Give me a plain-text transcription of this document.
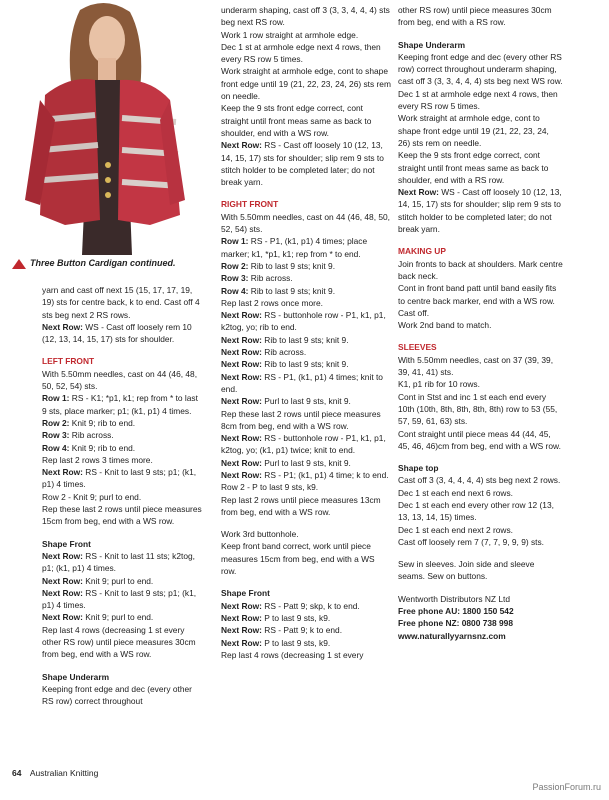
Three Button Cardigan continued.

yarn and cast off next 15 (15, 17, 17, 19, 19) sts for centre back, k to end. Cast off 4 sts beg next 2 RS rows.

Next Row: WS - Cast off loosely rem 10 (12, 13, 14, 15, 17) sts for shoulder.

LEFT FRONT

With 5.50mm needles, cast on 44 (46, 48, 50, 52, 54) sts.

Row 1: RS - K1; *p1, k1; rep from * to last 9 sts, place marker; p1; (k1, p1) 4 times.

Row 2: Knit 9; rib to end.

Row 3: Rib across.

Row 4: Knit 9; rib to end.

Rep last 2 rows 3 times more.

Next Row: RS - Knit to last 9 sts; p1; (k1, p1) 4 times.

Row 2 - Knit 9; purl to end.

Rep these last 2 rows until piece measures 15cm from beg, end with a WS row.

Shape Front

Next Row: RS - Knit to last 11 sts; k2tog, p1; (k1, p1) 4 times.

Next Row: Knit 9; purl to end.

Next Row: RS - Knit to last 9 sts; p1; (k1, p1) 4 times.

Next Row: Knit 9; purl to end.

Rep last 4 rows (decreasing 1 st every other RS row) until piece measures 30cm from beg, end with a WS row.

Shape Underarm

Keeping front edge and dec (every other RS row) correct throughout

underarm shaping, cast off 3 (3, 3, 4, 4, 4) sts beg next RS row.

Work 1 row straight at armhole edge.

Dec 1 st at armhole edge next 4 rows, then every RS row 5 times.

Work straight at armhole edge, cont to shape front edge until 19 (21, 22, 23, 24, 26) sts rem on needle.

Keep the 9 sts front edge correct, cont straight until front meas same as back to shoulder, end with a WS row.

Next Row: RS - Cast off loosely 10 (12, 13, 14, 15, 17) sts for shoulder; slip rem 9 sts to stitch holder to be completed later; do not break yarn.

RIGHT FRONT

With 5.50mm needles, cast on 44 (46, 48, 50, 52, 54) sts.

Row 1: RS - P1, (k1, p1) 4 times; place marker; k1, *p1, k1; rep from * to end.

Row 2: Rib to last 9 sts; knit 9.

Row 3: Rib across.

Row 4: Rib to last 9 sts; knit 9.

Rep last 2 rows once more.

Next Row: RS - buttonhole row - P1, k1, p1, k2tog, yo; rib to end.

Next Row: Rib to last 9 sts; knit 9.

Next Row: Rib across.

Next Row: Rib to last 9 sts; knit 9.

Next Row: RS - P1, (k1, p1) 4 times; knit to end.

Next Row: Purl to last 9 sts, knit 9.

Rep these last 2 rows until piece measures 8cm from beg, end with a WS row.

Next Row: RS - buttonhole row - P1, k1, p1, k2tog, yo; (k1, p1) twice; knit to end.

Next Row: Purl to last 9 sts, knit 9.

Next Row: RS - P1; (k1, p1) 4 time; k to end.

Row 2 - P to last 9 sts, k9.

Rep last 2 rows until piece measures 13cm from beg, end with a WS row.

Work 3rd buttonhole.

Keep front band correct, work until piece measures 15cm from beg, end with a WS row.

Shape Front

Next Row: RS - Patt 9; skp, k to end.

Next Row: P to last 9 sts, k9.

Next Row: RS - Patt 9; k to end.

Next Row: P to last 9 sts, k9.

Rep last 4 rows (decreasing 1 st every

other RS row) until piece measures 30cm from beg, end with a RS row.

Shape Underarm

Keeping front edge and dec (every other RS row) correct throughout underarm shaping, cast off 3 (3, 3, 4, 4, 4) sts beg next WS row.

Dec 1 st at armhole edge next 4 rows, then every RS row 5 times.

Work straight at armhole edge, cont to shape front edge until 19 (21, 22, 23, 24, 26) sts rem on needle.

Keep the 9 sts front edge correct, cont straight until front meas same as back to shoulder, end with a RS row.

Next Row: WS - Cast off loosely 10 (12, 13, 14, 15, 17) sts for shoulder; slip rem 9 sts to stitch holder to be completed later; do not break yarn.

MAKING UP

Join fronts to back at shoulders. Mark centre back neck.

Cont in front band patt until band easily fits to centre back marker, end with a WS row. Cast off.

Work 2nd band to match.

SLEEVES

With 5.50mm needles, cast on 37 (39, 39, 39, 41, 41) sts.

K1, p1 rib for 10 rows.

Cont in Stst and inc 1 st each end every 10th (10th, 8th, 8th, 8th, 8th) row to 53 (55, 57, 59, 61, 63) sts.

Cont straight until piece meas 44 (44, 45, 45, 46, 46)cm from beg, end with a WS row.

Shape top

Cast off 3 (3, 4, 4, 4, 4) sts beg next 2 rows.

Dec 1 st each end next 6 rows.

Dec 1 st each end every other row 12 (13, 13, 13, 14, 15) times.

Dec 1 st each end next 2 rows.

Cast off loosely rem 7 (7, 7, 9, 9, 9) sts.

Sew in sleeves. Join side and sleeve seams. Sew on buttons.

Wentworth Distributors NZ Ltd

Free phone AU: 1800 150 542

Free phone NZ: 0800 738 998

www.naturallyyarnsnz.com

64 Australian Knitting
PassionForum.ru
